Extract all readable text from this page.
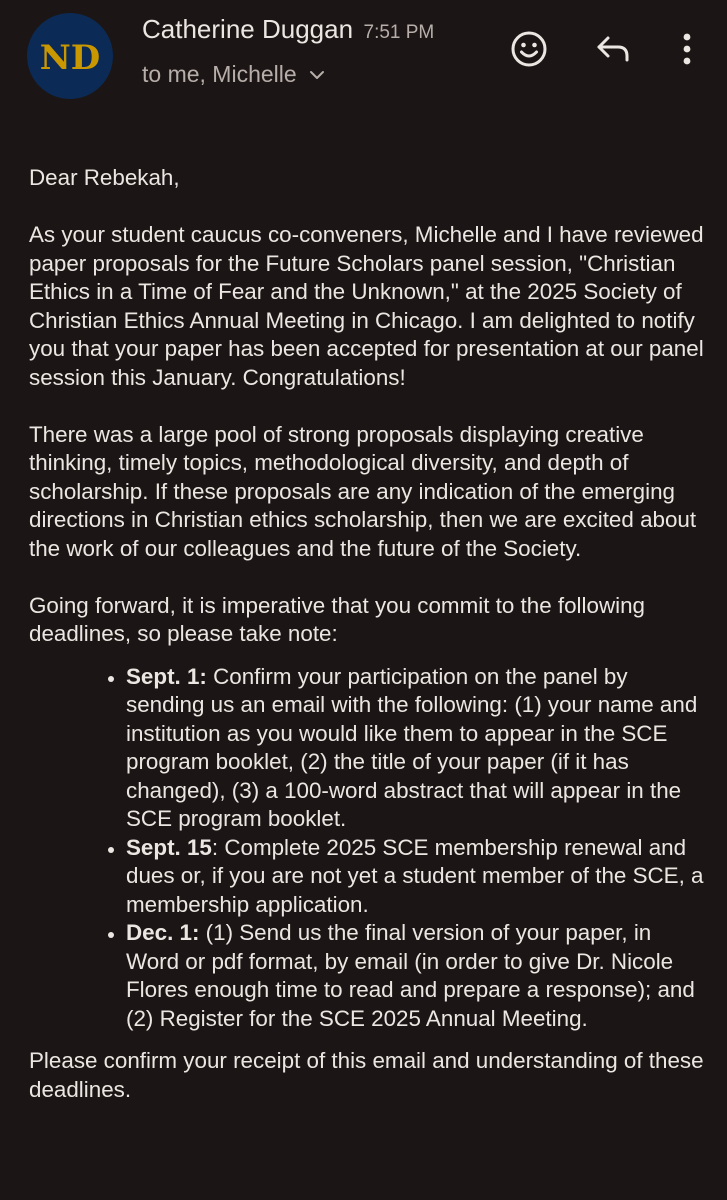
ND
Catherine Duggan 7:51 PM
to me, Michelle

Dear Rebekah,

As your student caucus co-conveners, Michelle and I have reviewed paper proposals for the Future Scholars panel session, "Christian Ethics in a Time of Fear and the Unknown," at the 2025 Society of Christian Ethics Annual Meeting in Chicago. I am delighted to notify you that your paper has been accepted for presentation at our panel session this January. Congratulations!

There was a large pool of strong proposals displaying creative thinking, timely topics, methodological diversity, and depth of scholarship. If these proposals are any indication of the emerging directions in Christian ethics scholarship, then we are excited about the work of our colleagues and the future of the Society.

Going forward, it is imperative that you commit to the following deadlines, so please take note:

• Sept. 1: Confirm your participation on the panel by sending us an email with the following: (1) your name and institution as you would like them to appear in the SCE program booklet, (2) the title of your paper (if it has changed), (3) a 100-word abstract that will appear in the SCE program booklet.
• Sept. 15: Complete 2025 SCE membership renewal and dues or, if you are not yet a student member of the SCE, a membership application.
• Dec. 1: (1) Send us the final version of your paper, in Word or pdf format, by email (in order to give Dr. Nicole Flores enough time to read and prepare a response); and (2) Register for the SCE 2025 Annual Meeting.

Please confirm your receipt of this email and understanding of these deadlines.
